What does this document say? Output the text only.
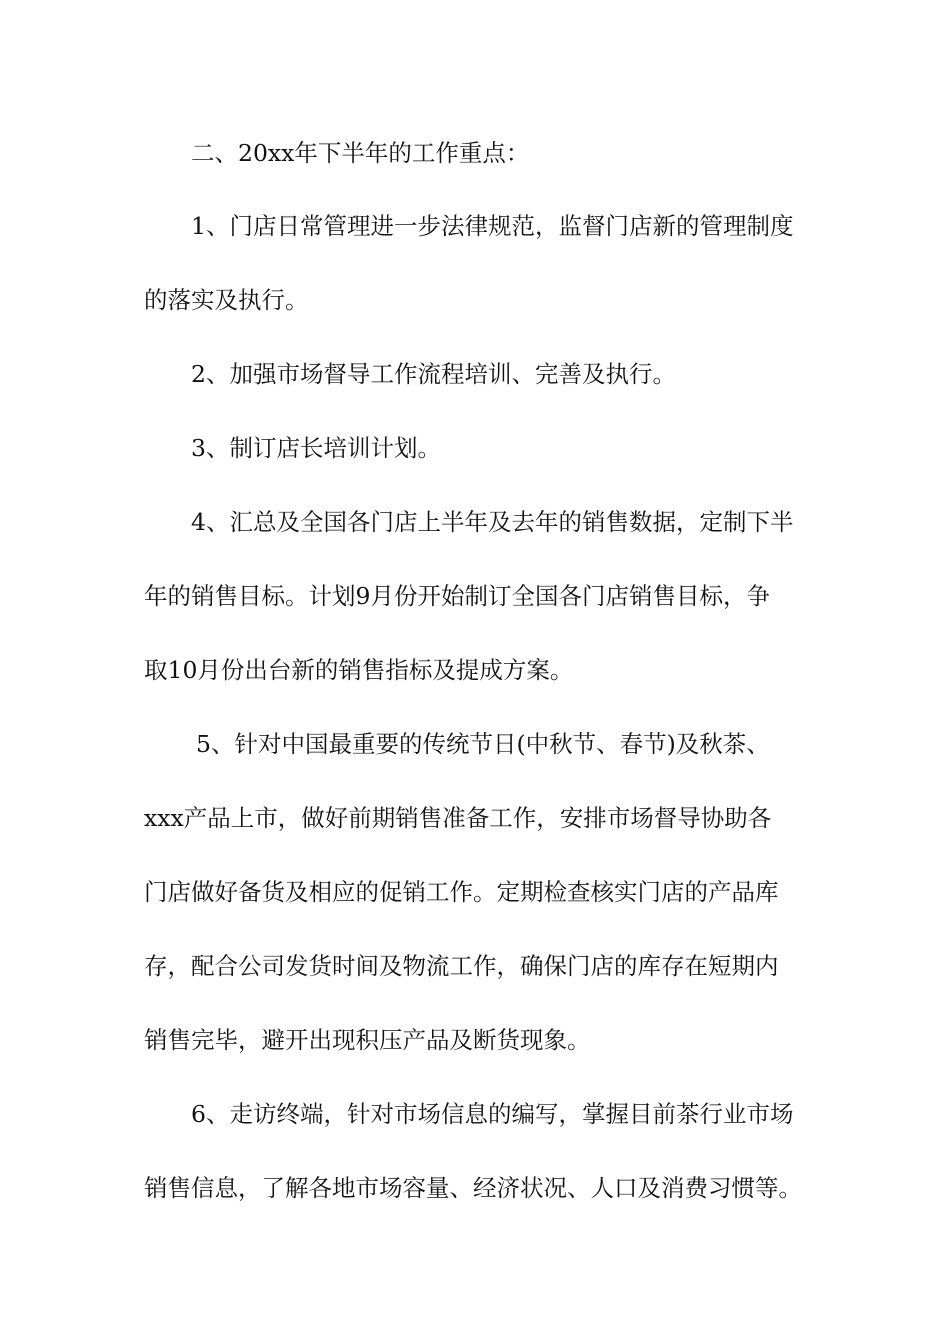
二、20xx年下半年的工作重点：
1、门店日常管理进一步法律规范，监督门店新的管理制度
的落实及执行。
2、加强市场督导工作流程培训、完善及执行。
3、制订店长培训计划。
4、汇总及全国各门店上半年及去年的销售数据，定制下半
年的销售目标。计划9月份开始制订全国各门店销售目标，争
取10月份出台新的销售指标及提成方案。
5、针对中国最重要的传统节日(中秋节、春节)及秋茶、
xxx产品上市，做好前期销售准备工作，安排市场督导协助各
门店做好备货及相应的促销工作。定期检查核实门店的产品库
存，配合公司发货时间及物流工作，确保门店的库存在短期内
销售完毕，避开出现积压产品及断货现象。
6、走访终端，针对市场信息的编写，掌握目前茶行业市场
销售信息，了解各地市场容量、经济状况、人口及消费习惯等。
